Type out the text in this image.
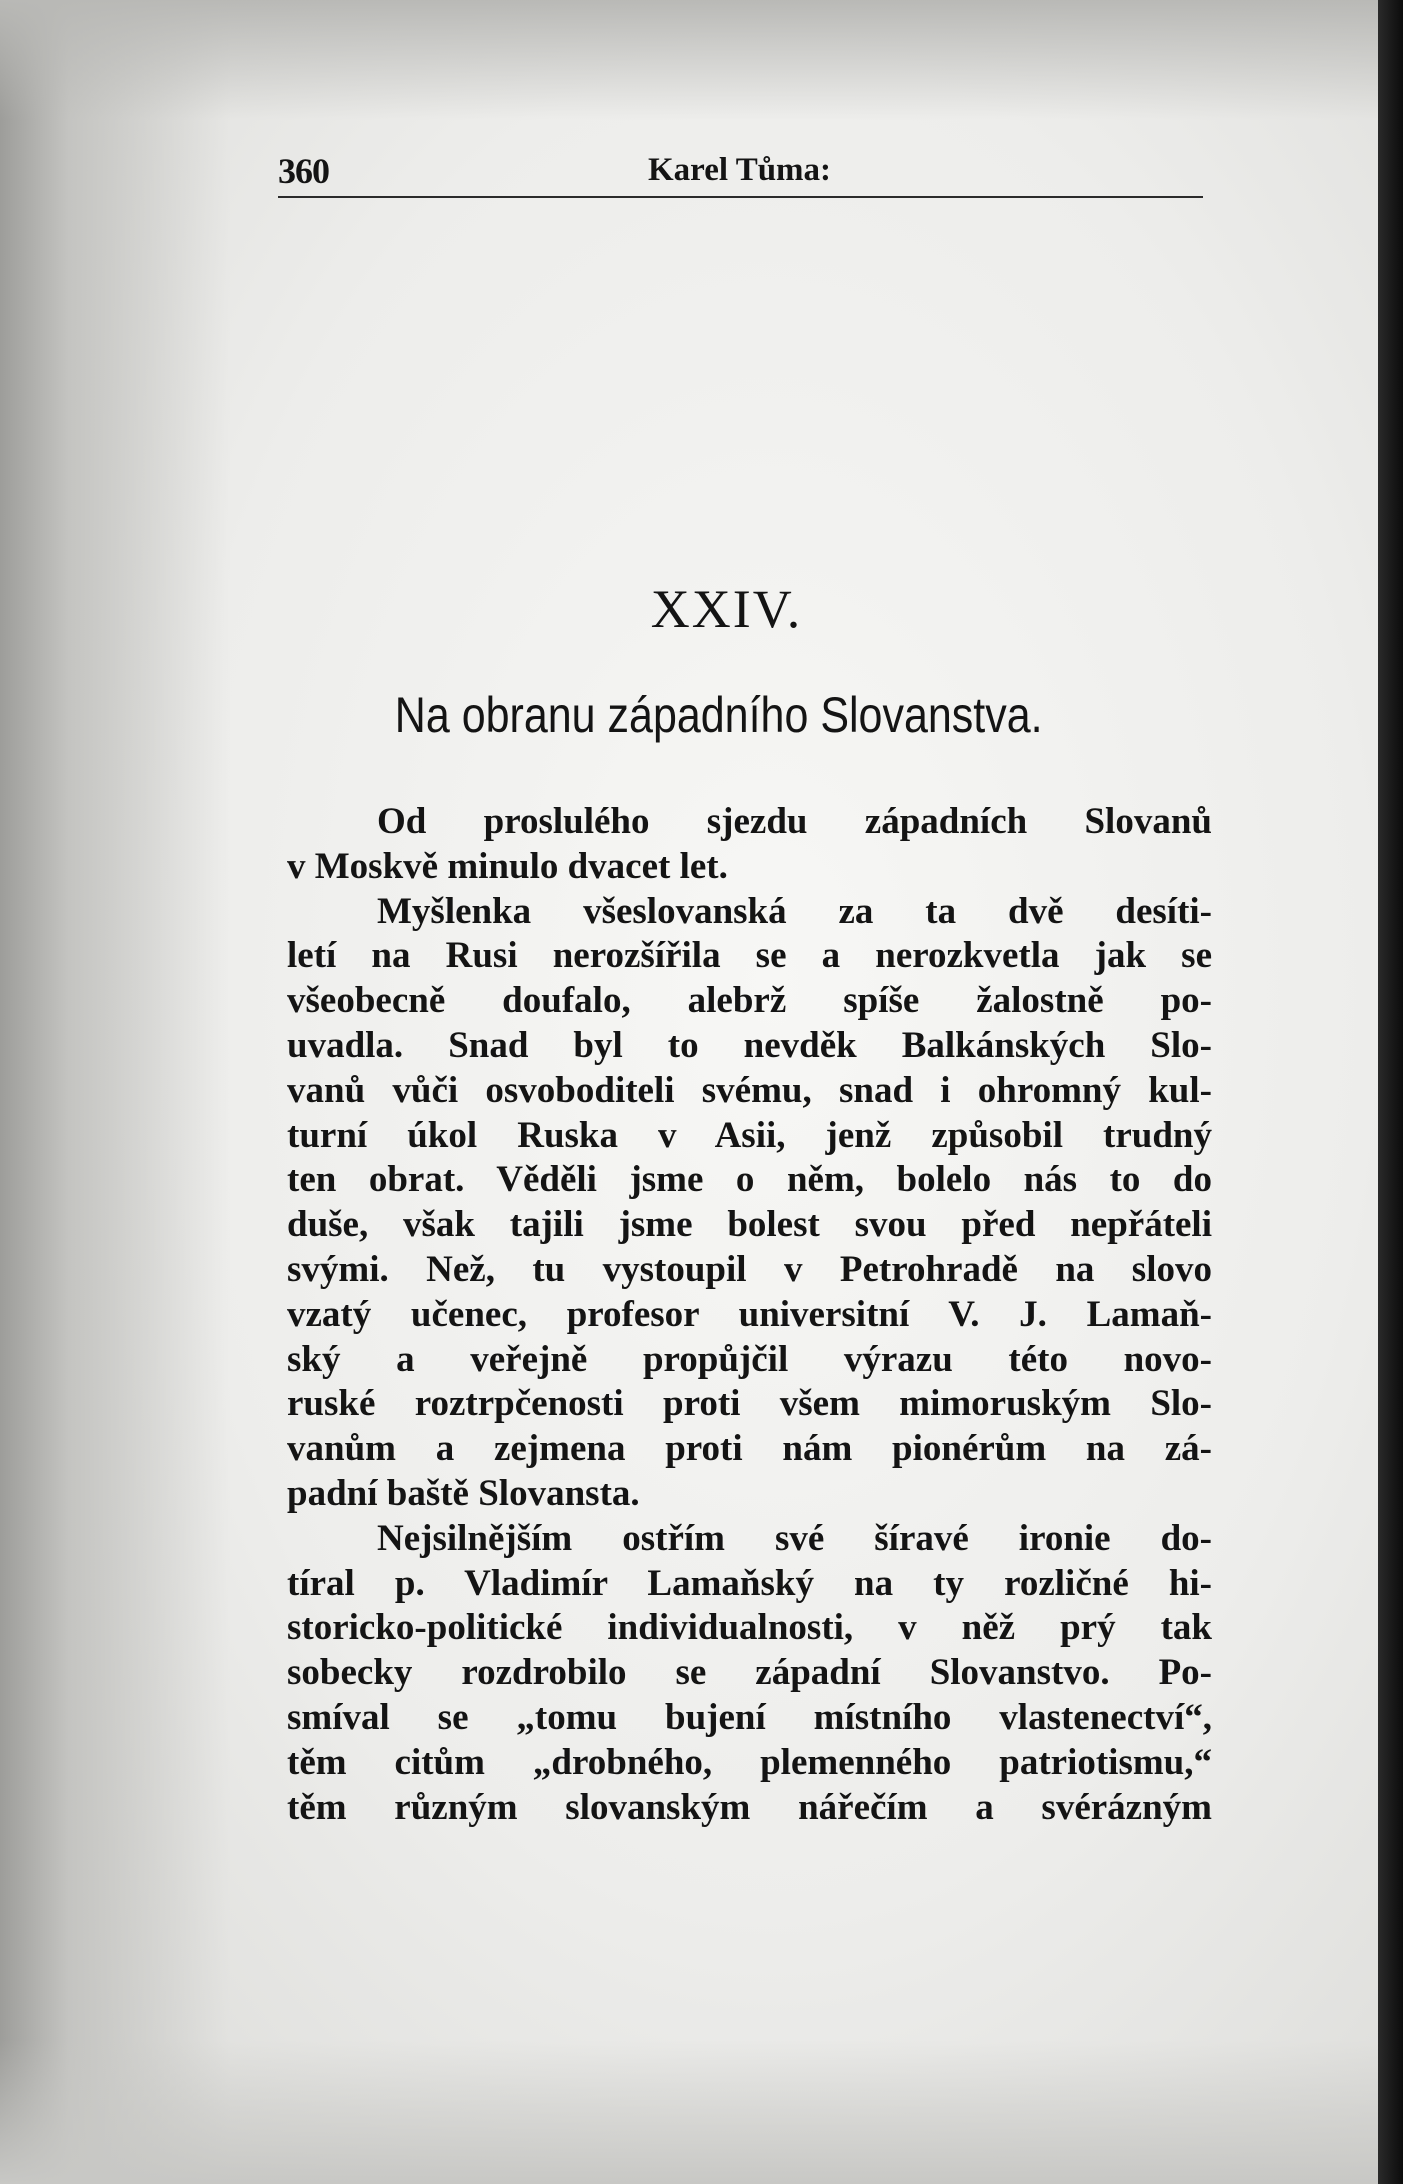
360	Karel Tůma:
XXIV.
Na obranu západního Slovanstva.
Od proslulého sjezdu západních Slovanů
v Moskvě minulo dvacet let.
Myšlenka všeslovanská za ta dvě desíti-
letí na Rusi nerozšířila se a nerozkvetla jak se
všeobecně doufalo, alebrž spíše žalostně po-
uvadla. Snad byl to nevděk Balkánských Slo-
vanů vůči osvoboditeli svému, snad i ohromný kul-
turní úkol Ruska v Asii, jenž způsobil trudný
ten obrat. Věděli jsme o něm, bolelo nás to do
duše, však tajili jsme bolest svou před nepřáteli
svými. Než, tu vystoupil v Petrohradě na slovo
vzatý učenec, profesor universitní V. J. Lamaň-
ský a veřejně propůjčil výrazu této novo-
ruské roztrpčenosti proti všem mimoruským Slo-
vanům a zejmena proti nám pionérům na zá-
padní baště Slovansta.
Nejsilnějším ostřím své šíravé ironie do-
tíral p. Vladimír Lamaňský na ty rozličné hi-
storicko-politické individualnosti, v něž prý tak
sobecky rozdrobilo se západní Slovanstvo. Po-
smíval se „tomu bujení místního vlastenectví“,
těm citům „drobného, plemenného patriotismu,“
těm různým slovanským nářečím a svérázným
